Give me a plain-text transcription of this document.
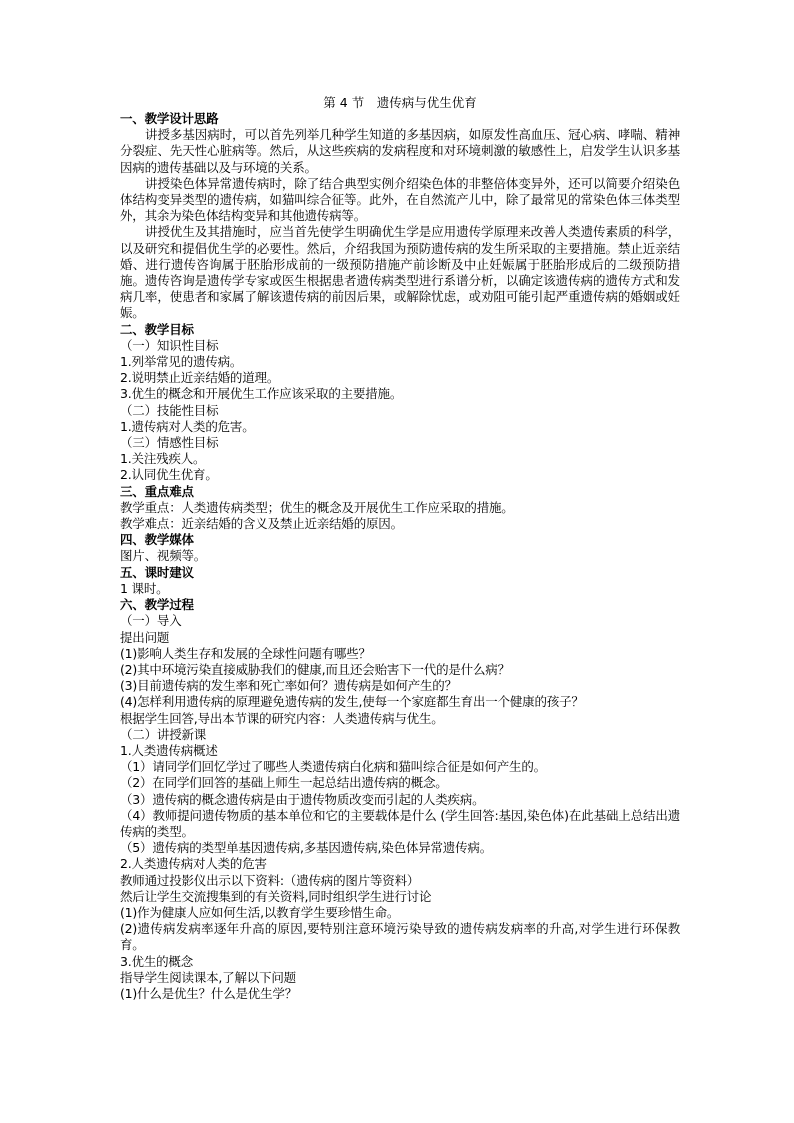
第 4 节　遗传病与优生优育

一、教学设计思路

讲授多基因病时，可以首先列举几种学生知道的多基因病，如原发性高血压、冠心病、哮喘、精神分裂症、先天性心脏病等。然后，从这些疾病的发病程度和对环境刺激的敏感性上，启发学生认识多基因病的遗传基础以及与环境的关系。

讲授染色体异常遗传病时，除了结合典型实例介绍染色体的非整倍体变异外，还可以简要介绍染色体结构变异类型的遗传病，如猫叫综合征等。此外，在自然流产儿中，除了最常见的常染色体三体类型外，其余为染色体结构变异和其他遗传病等。

讲授优生及其措施时，应当首先使学生明确优生学是应用遗传学原理来改善人类遗传素质的科学，以及研究和提倡优生学的必要性。然后，介绍我国为预防遗传病的发生所采取的主要措施。禁止近亲结婚、进行遗传咨询属于胚胎形成前的一级预防措施产前诊断及中止妊娠属于胚胎形成后的二级预防措施。遗传咨询是遗传学专家或医生根据患者遗传病类型进行系谱分析，以确定该遗传病的遗传方式和发病几率，使患者和家属了解该遗传病的前因后果，或解除忧虑，或劝阻可能引起严重遗传病的婚姻或妊娠。

二、教学目标

（一）知识性目标

1.列举常见的遗传病。

2.说明禁止近亲结婚的道理。

3.优生的概念和开展优生工作应该采取的主要措施。

（二）技能性目标

1.遗传病对人类的危害。

（三）情感性目标

1.关注残疾人。

2.认同优生优育。

三、重点难点

教学重点：人类遗传病类型；优生的概念及开展优生工作应采取的措施。

教学难点：近亲结婚的含义及禁止近亲结婚的原因。

四、教学媒体

图片、视频等。

五、课时建议

1 课时。

六、教学过程

（一）导入

提出问题

(1)影响人类生存和发展的全球性问题有哪些？

(2)其中环境污染直接威胁我们的健康,而且还会贻害下一代的是什么病？

(3)目前遗传病的发生率和死亡率如何？遗传病是如何产生的？

(4)怎样利用遗传病的原理避免遗传病的发生,使每一个家庭都生育出一个健康的孩子？

根据学生回答,导出本节课的研究内容：人类遗传病与优生。

（二）讲授新课

1.人类遗传病概述

（1）请同学们回忆学过了哪些人类遗传病白化病和猫叫综合征是如何产生的。

（2）在同学们回答的基础上师生一起总结出遗传病的概念。

（3）遗传病的概念遗传病是由于遗传物质改变而引起的人类疾病。

（4）教师提问遗传物质的基本单位和它的主要载体是什么 (学生回答:基因,染色体)在此基础上总结出遗传病的类型。

（5）遗传病的类型单基因遗传病,多基因遗传病,染色体异常遗传病。

2.人类遗传病对人类的危害

教师通过投影仪出示以下资料:（遗传病的图片等资料）

然后让学生交流搜集到的有关资料,同时组织学生进行讨论

(1)作为健康人应如何生活,以教育学生要珍惜生命。

(2)遗传病发病率逐年升高的原因,要特别注意环境污染导致的遗传病发病率的升高,对学生进行环保教育。

3.优生的概念

指导学生阅读课本,了解以下问题

(1)什么是优生？什么是优生学？
